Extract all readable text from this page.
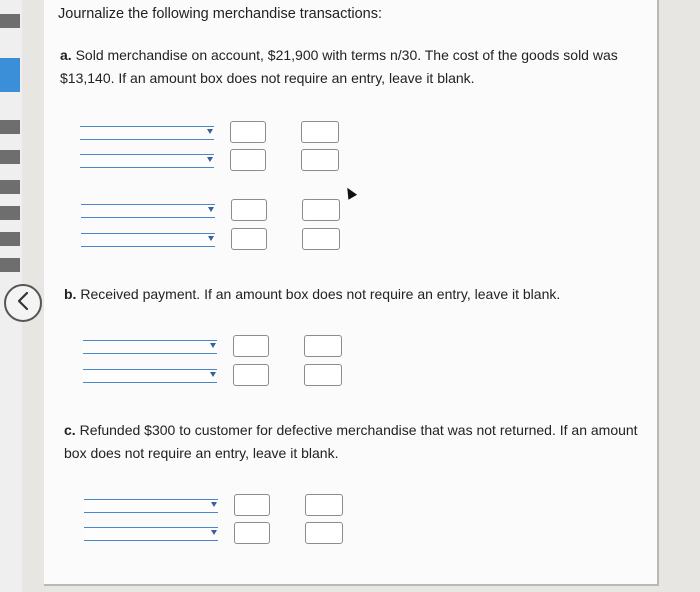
Journalize the following merchandise transactions:
a. Sold merchandise on account, $21,900 with terms n/30. The cost of the goods sold was $13,140. If an amount box does not require an entry, leave it blank.
b. Received payment. If an amount box does not require an entry, leave it blank.
c. Refunded $300 to customer for defective merchandise that was not returned. If an amount box does not require an entry, leave it blank.
